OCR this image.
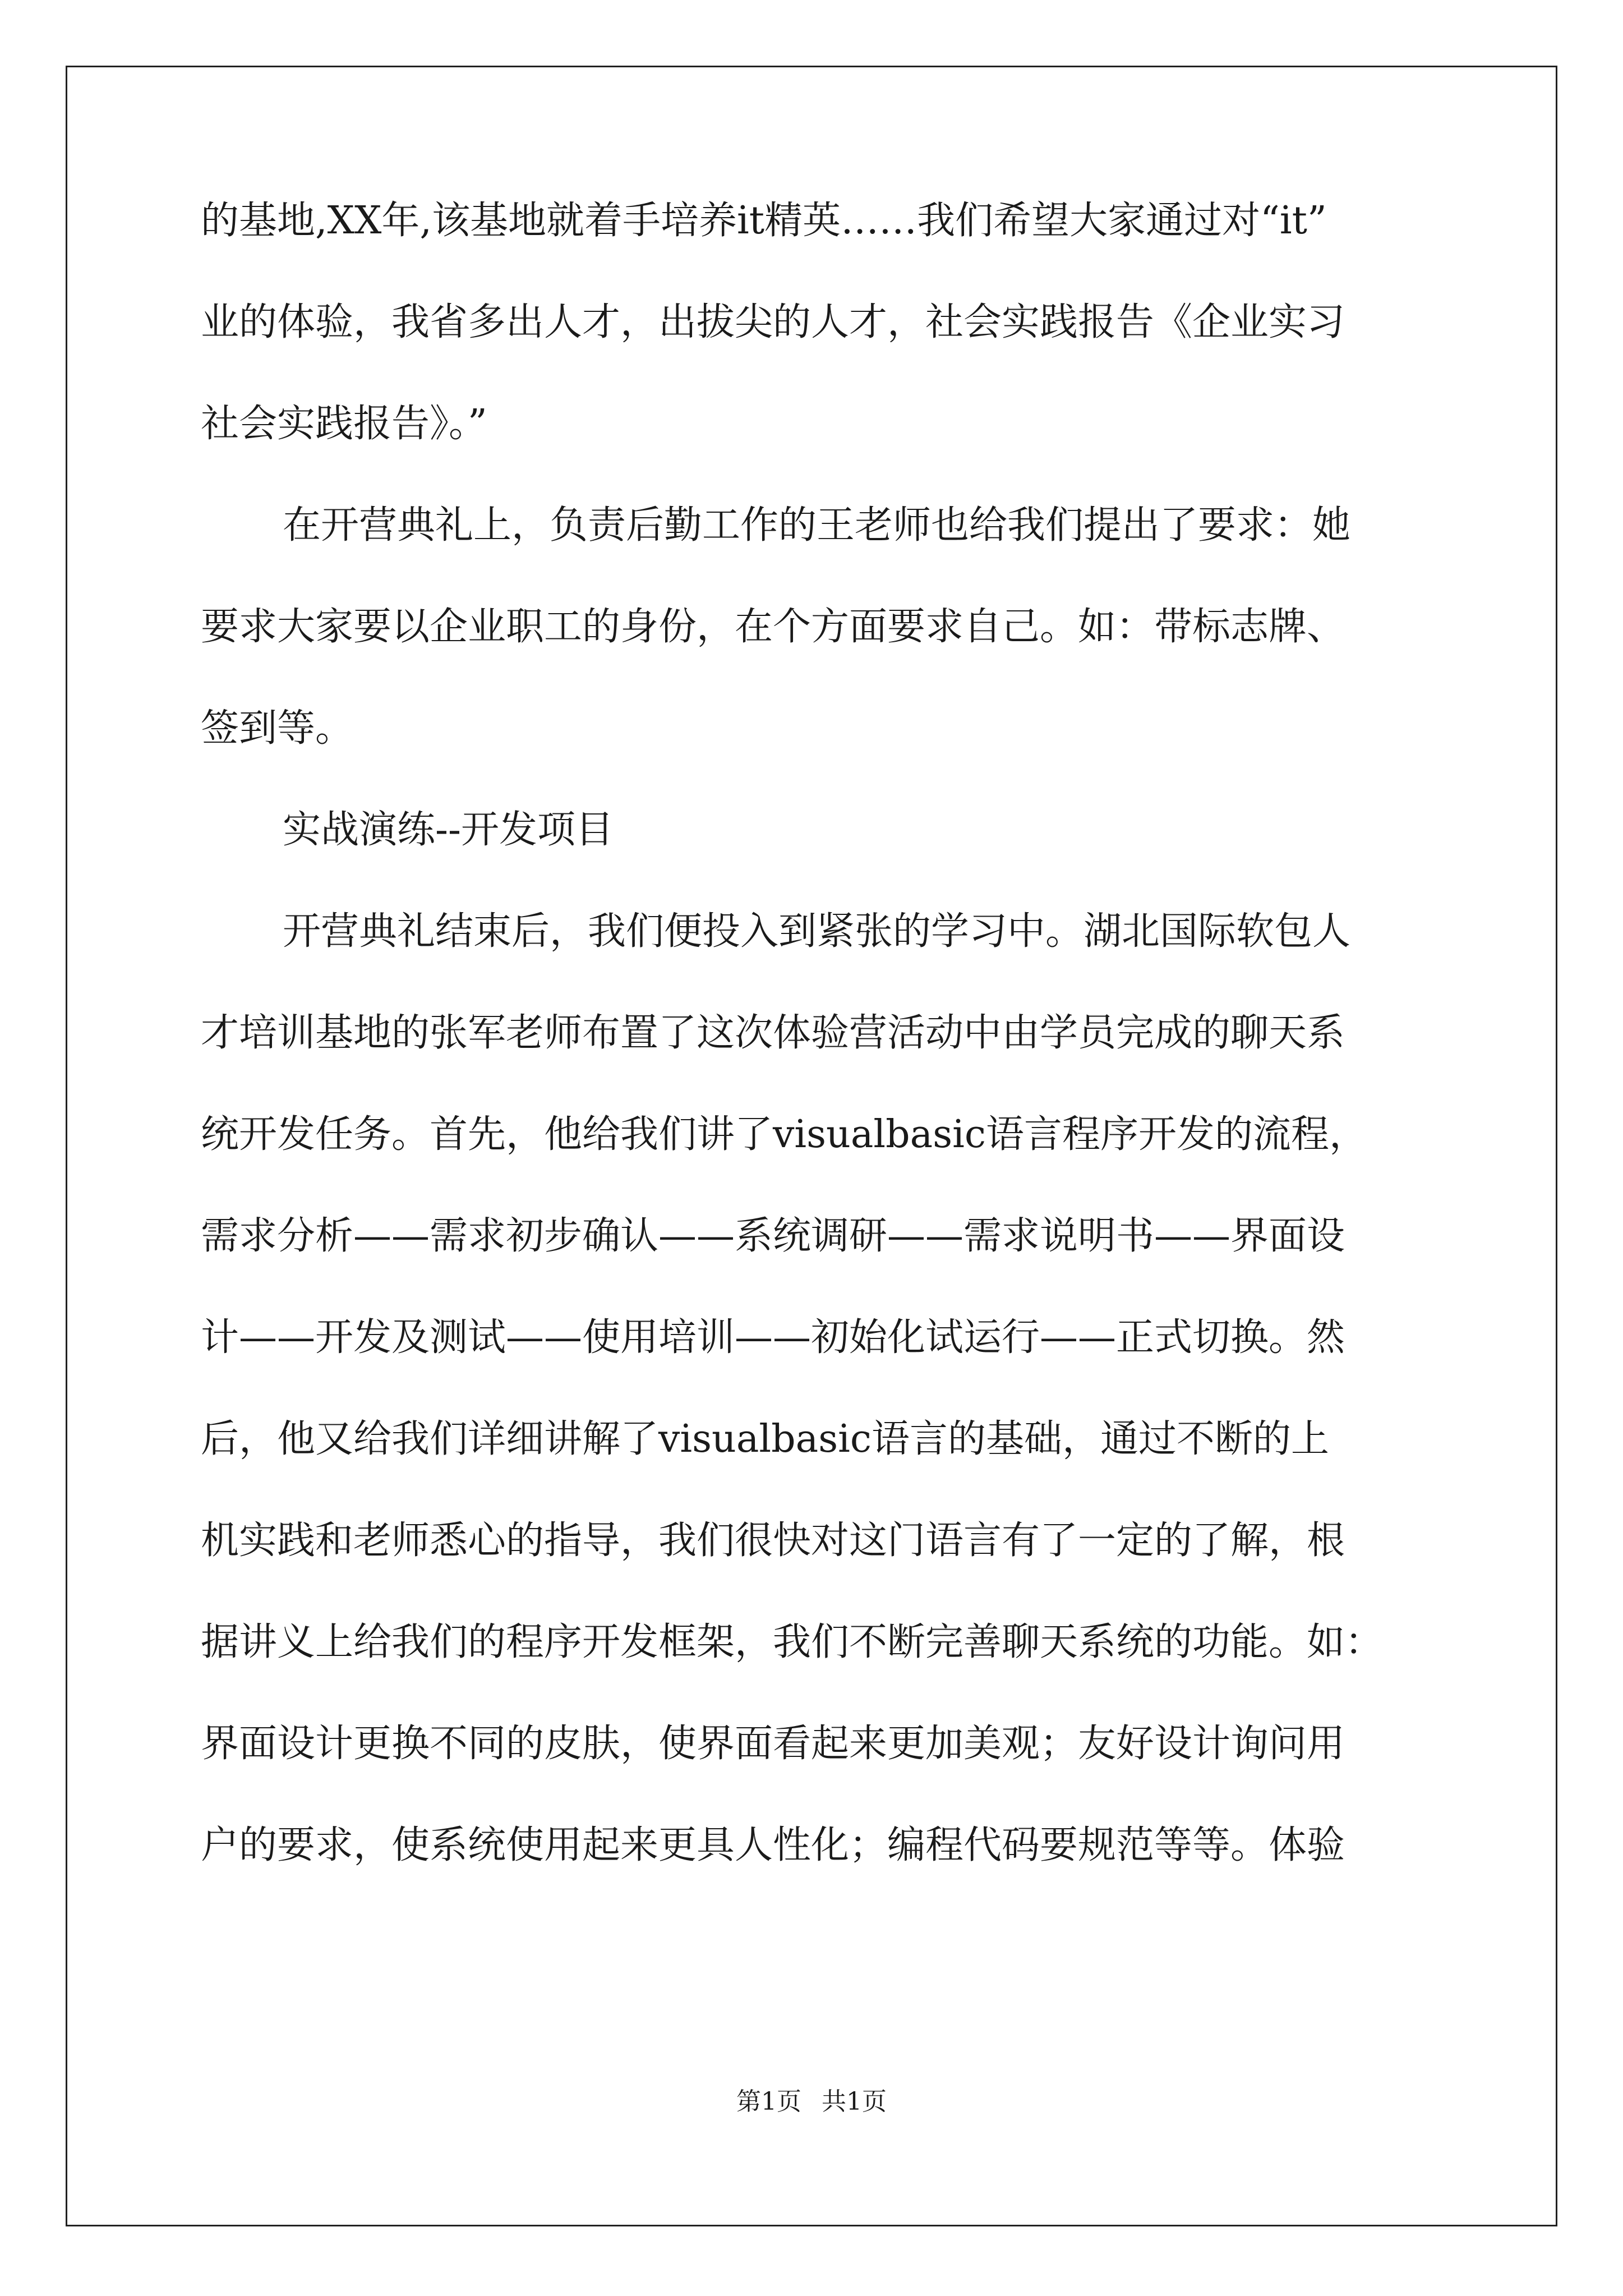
的基地,XX年,该基地就着手培养it精英……我们希望大家通过对“it”
业的体验，我省多出人才，出拔尖的人才，社会实践报告《企业实习
社会实践报告》。”
在开营典礼上，负责后勤工作的王老师也给我们提出了要求：她
要求大家要以企业职工的身份，在个方面要求自己。如：带标志牌、
签到等。
实战演练--开发项目
开营典礼结束后，我们便投入到紧张的学习中。湖北国际软包人
才培训基地的张军老师布置了这次体验营活动中由学员完成的聊天系
统开发任务。首先，他给我们讲了visualbasic语言程序开发的流程，
需求分析——需求初步确认——系统调研——需求说明书——界面设
计——开发及测试——使用培训——初始化试运行——正式切换。然
后，他又给我们详细讲解了visualbasic语言的基础，通过不断的上
机实践和老师悉心的指导，我们很快对这门语言有了一定的了解，根
据讲义上给我们的程序开发框架，我们不断完善聊天系统的功能。如：
界面设计更换不同的皮肤，使界面看起来更加美观；友好设计询问用
户的要求，使系统使用起来更具人性化；编程代码要规范等等。体验
第1页 共1页
